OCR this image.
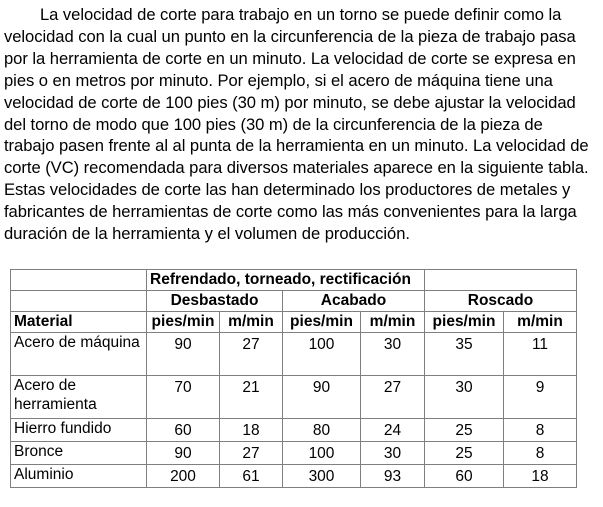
La velocidad de corte para trabajo en un torno se puede definir como la velocidad con la cual un punto en la circunferencia de la pieza de trabajo pasa por la herramienta de corte en un minuto. La velocidad de corte se expresa en pies o en metros por minuto. Por ejemplo, si el acero de máquina tiene una velocidad de corte de 100 pies (30 m) por minuto, se debe ajustar la velocidad del torno de modo que 100 pies (30 m) de la circunferencia de la pieza de trabajo pasen frente al al punta de la herramienta en un minuto. La velocidad de corte (VC) recomendada para diversos materiales aparece en la siguiente tabla. Estas velocidades de corte las han determinado los productores de metales y fabricantes de herramientas de corte como las más convenientes para la larga duración de la herramienta y el volumen de producción.

	Refrendado, torneado, rectificación					
	Desbastado		Acabado		Roscado	
Material	pies/min	m/min	pies/min	m/min	pies/min	m/min
Acero de máquina	90	27	100	30	35	11
Acero de herramienta	70	21	90	27	30	9
Hierro fundido	60	18	80	24	25	8
Bronce	90	27	100	30	25	8
Aluminio	200	61	300	93	60	18
